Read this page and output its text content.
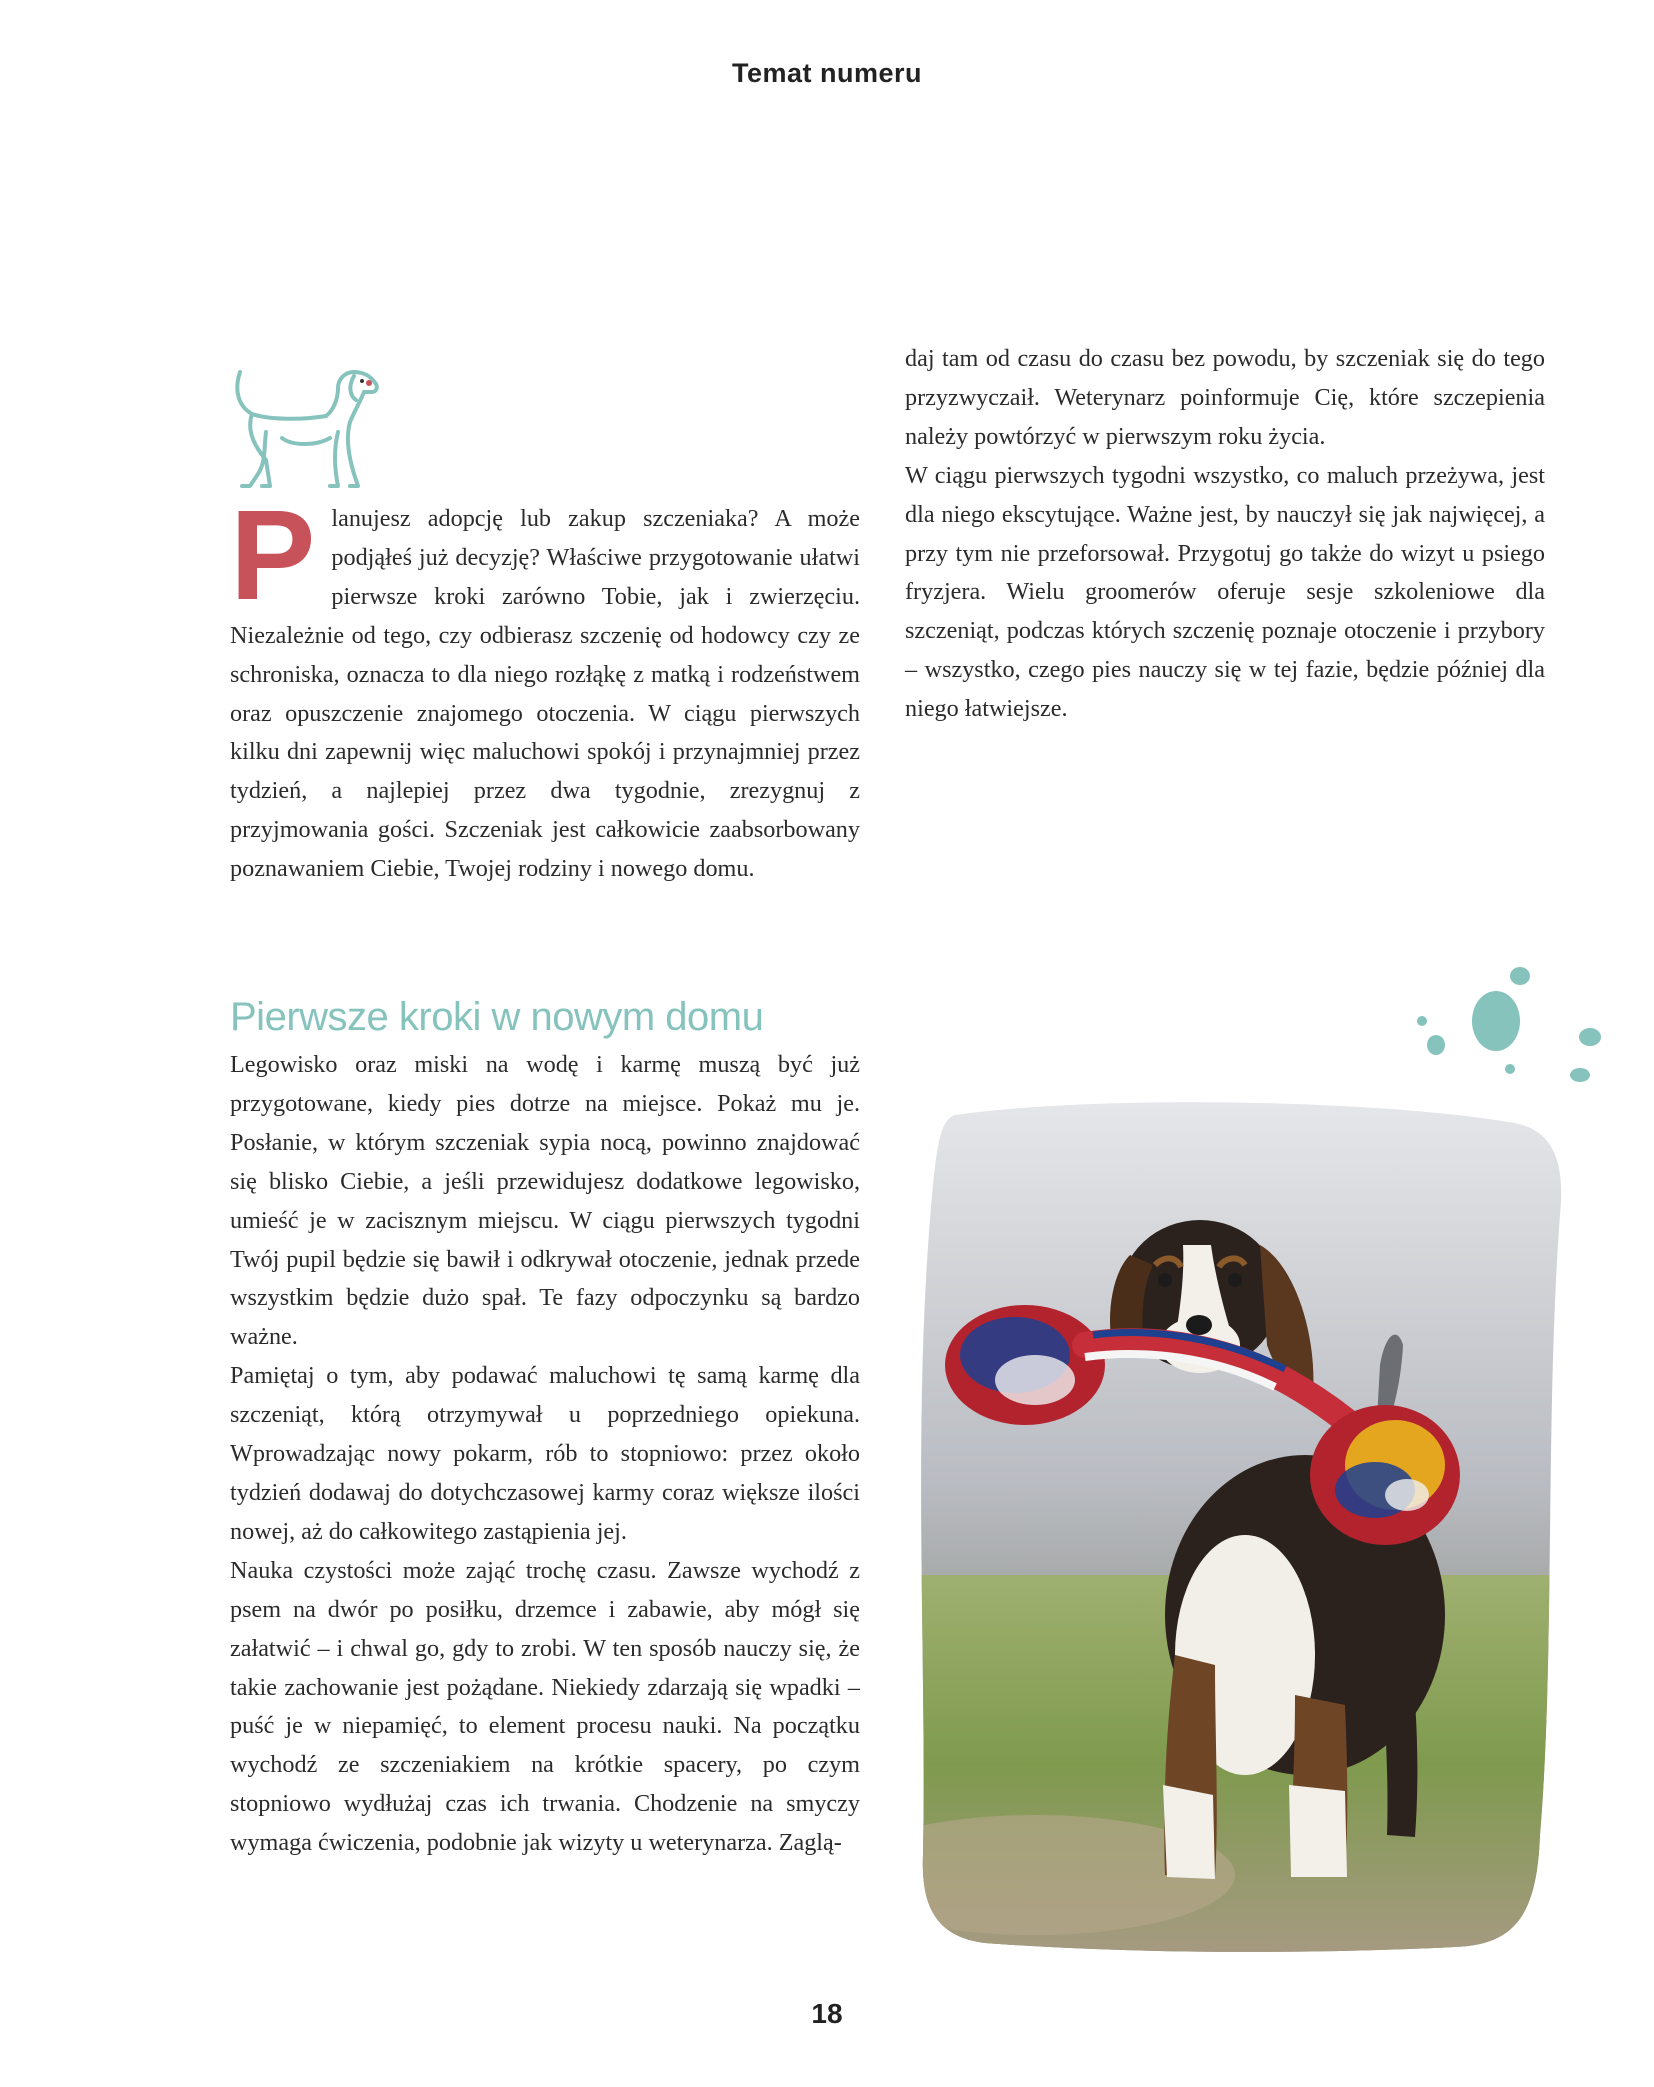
Temat numeru
P lanujesz adopcję lub zakup szczeniaka? A może podjąłeś już decyzję? Właściwe przygotowanie ułatwi pierwsze kroki zarówno Tobie, jak i zwierzęciu. Niezależnie od tego, czy odbierasz szczenię od hodowcy czy ze schroniska, oznacza to dla niego rozłąkę z matką i rodzeństwem oraz opuszczenie znajomego otoczenia. W ciągu pierwszych kilku dni zapewnij więc maluchowi spokój i przynajmniej przez tydzień, a najlepiej przez dwa tygodnie, zrezygnuj z przyjmowania gości. Szczeniak jest całkowicie zaabsorbowany poznawaniem Ciebie, Twojej rodziny i nowego domu.

Pierwsze kroki w nowym domu

Legowisko oraz miski na wodę i karmę muszą być już przygotowane, kiedy pies dotrze na miejsce. Pokaż mu je. Posłanie, w którym szczeniak sypia nocą, powinno znajdować się blisko Ciebie, a jeśli przewidujesz dodatkowe legowisko, umieść je w zacisznym miejscu. W ciągu pierwszych tygodni Twój pupil będzie się bawił i odkrywał otoczenie, jednak przede wszystkim będzie dużo spał. Te fazy odpoczynku są bardzo ważne.

Pamiętaj o tym, aby podawać maluchowi tę samą karmę dla szczeniąt, którą otrzymywał u poprzedniego opiekuna. Wprowadzając nowy pokarm, rób to stopniowo: przez około tydzień dodawaj do dotychczasowej karmy coraz większe ilości nowej, aż do całkowitego zastąpienia jej.

Nauka czystości może zająć trochę czasu. Zawsze wychodź z psem na dwór po posiłku, drzemce i zabawie, aby mógł się załatwić – i chwal go, gdy to zrobi. W ten sposób nauczy się, że takie zachowanie jest pożądane. Niekiedy zdarzają się wpadki – puść je w niepamięć, to element procesu nauki. Na początku wychodź ze szczeniakiem na krótkie spacery, po czym stopniowo wydłużaj czas ich trwania. Chodzenie na smyczy wymaga ćwiczenia, podobnie jak wizyty u weterynarza. Zaglą-

daj tam od czasu do czasu bez powodu, by szczeniak się do tego przyzwyczaił. Weterynarz poinformuje Cię, które szczepienia należy powtórzyć w pierwszym roku życia.

W ciągu pierwszych tygodni wszystko, co maluch przeżywa, jest dla niego ekscytujące. Ważne jest, by nauczył się jak najwięcej, a przy tym nie przeforsował. Przygotuj go także do wizyt u psiego fryzjera. Wielu groomerów oferuje sesje szkoleniowe dla szczeniąt, podczas których szczenię poznaje otoczenie i przybory – wszystko, czego pies nauczy się w tej fazie, będzie później dla niego łatwiejsze.

18
